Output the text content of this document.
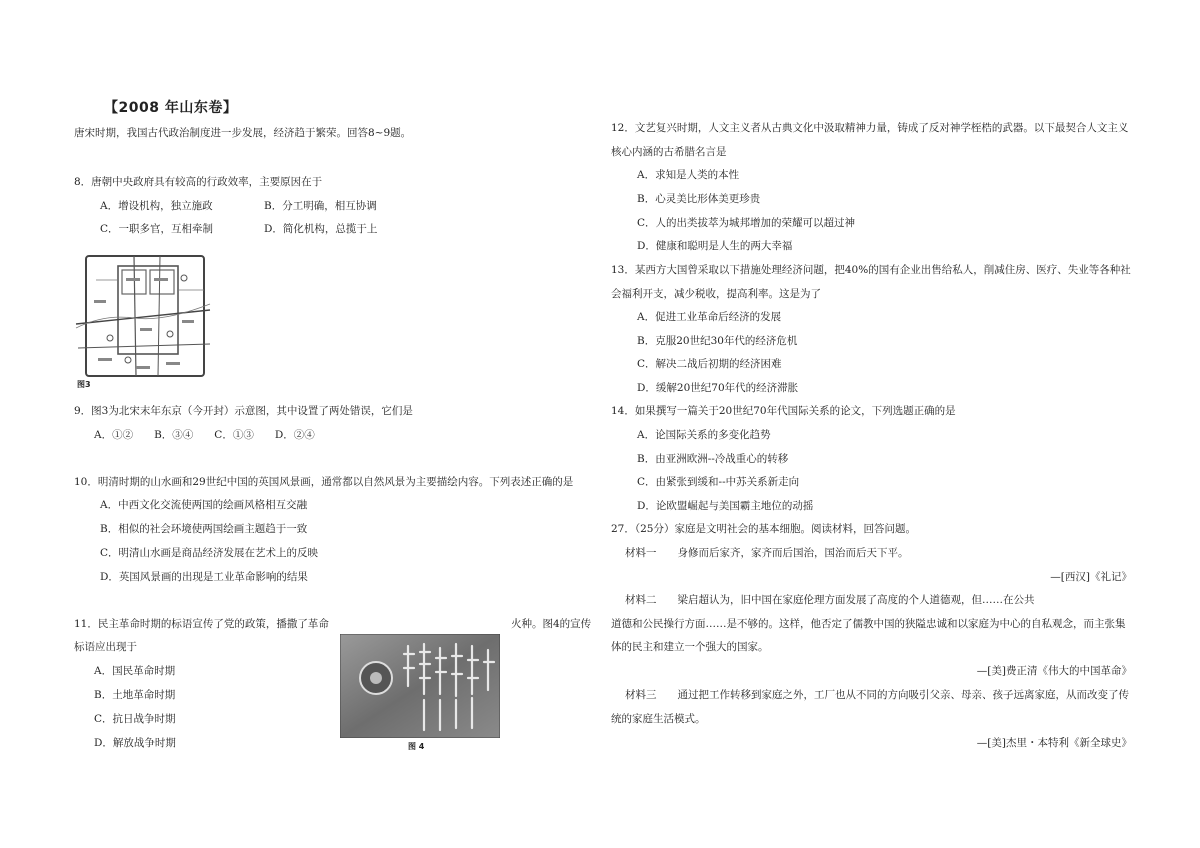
【2008 年山东卷】
唐宋时期，我国古代政治制度进一步发展，经济趋于繁荣。回答8~9题。
8．唐朝中央政府具有较高的行政效率，主要原因在于
A．增设机构，独立施政	B．分工明确，相互协调
C．一职多官，互相牵制	D．简化机构，总揽于上
图3
9．图3为北宋末年东京（今开封）示意图，其中设置了两处错误，它们是
A．①②　　B．③④　　C．①③　　D．②④
10．明清时期的山水画和29世纪中国的英国风景画，通常都以自然风景为主要描绘内容。下列表述正确的是
A．中西文化交流使两国的绘画风格相互交融
B．相似的社会环境使两国绘画主题趋于一致
C．明清山水画是商品经济发展在艺术上的反映
D．英国风景画的出现是工业革命影响的结果
11．民主革命时期的标语宣传了党的政策，播撒了革命	火种。图4的宣传
标语应出现于
A．国民革命时期
B．土地革命时期
C．抗日战争时期
D．解放战争时期	图 4
12．文艺复兴时期，人文主义者从古典文化中汲取精神力量，铸成了反对神学桎梏的武器。以下最契合人文主义
核心内涵的古希腊名言是
A．求知是人类的本性
B．心灵美比形体美更珍贵
C．人的出类拔萃为城邦增加的荣耀可以超过神
D．健康和聪明是人生的两大幸福
13．某西方大国曾采取以下措施处理经济问题，把40%的国有企业出售给私人，削减住房、医疗、失业等各种社
会福利开支，减少税收，提高利率。这是为了
A．促进工业革命后经济的发展
B．克服20世纪30年代的经济危机
C．解决二战后初期的经济困难
D．缓解20世纪70年代的经济滞胀
14．如果撰写一篇关于20世纪70年代国际关系的论文，下列选题正确的是
A．论国际关系的多变化趋势
B．由亚洲欧洲--冷战重心的转移
C．由紧张到缓和--中苏关系新走向
D．论欧盟崛起与美国霸主地位的动摇
27．（25分）家庭是文明社会的基本细胞。阅读材料，回答问题。
材料一　　身修而后家齐，家齐而后国治，国治而后天下平。
—[西汉]《礼记》
材料二　　梁启超认为，旧中国在家庭伦理方面发展了高度的个人道德观，但……在公共
道德和公民操行方面……是不够的。这样，他否定了儒教中国的狭隘忠诚和以家庭为中心的自私观念，而主张集
体的民主和建立一个强大的国家。
—[美]费正清《伟大的中国革命》
材料三　　通过把工作转移到家庭之外，工厂也从不同的方向吸引父亲、母亲、孩子远离家庭，从而改变了传
统的家庭生活模式。
—[美]杰里・本特利《新全球史》
